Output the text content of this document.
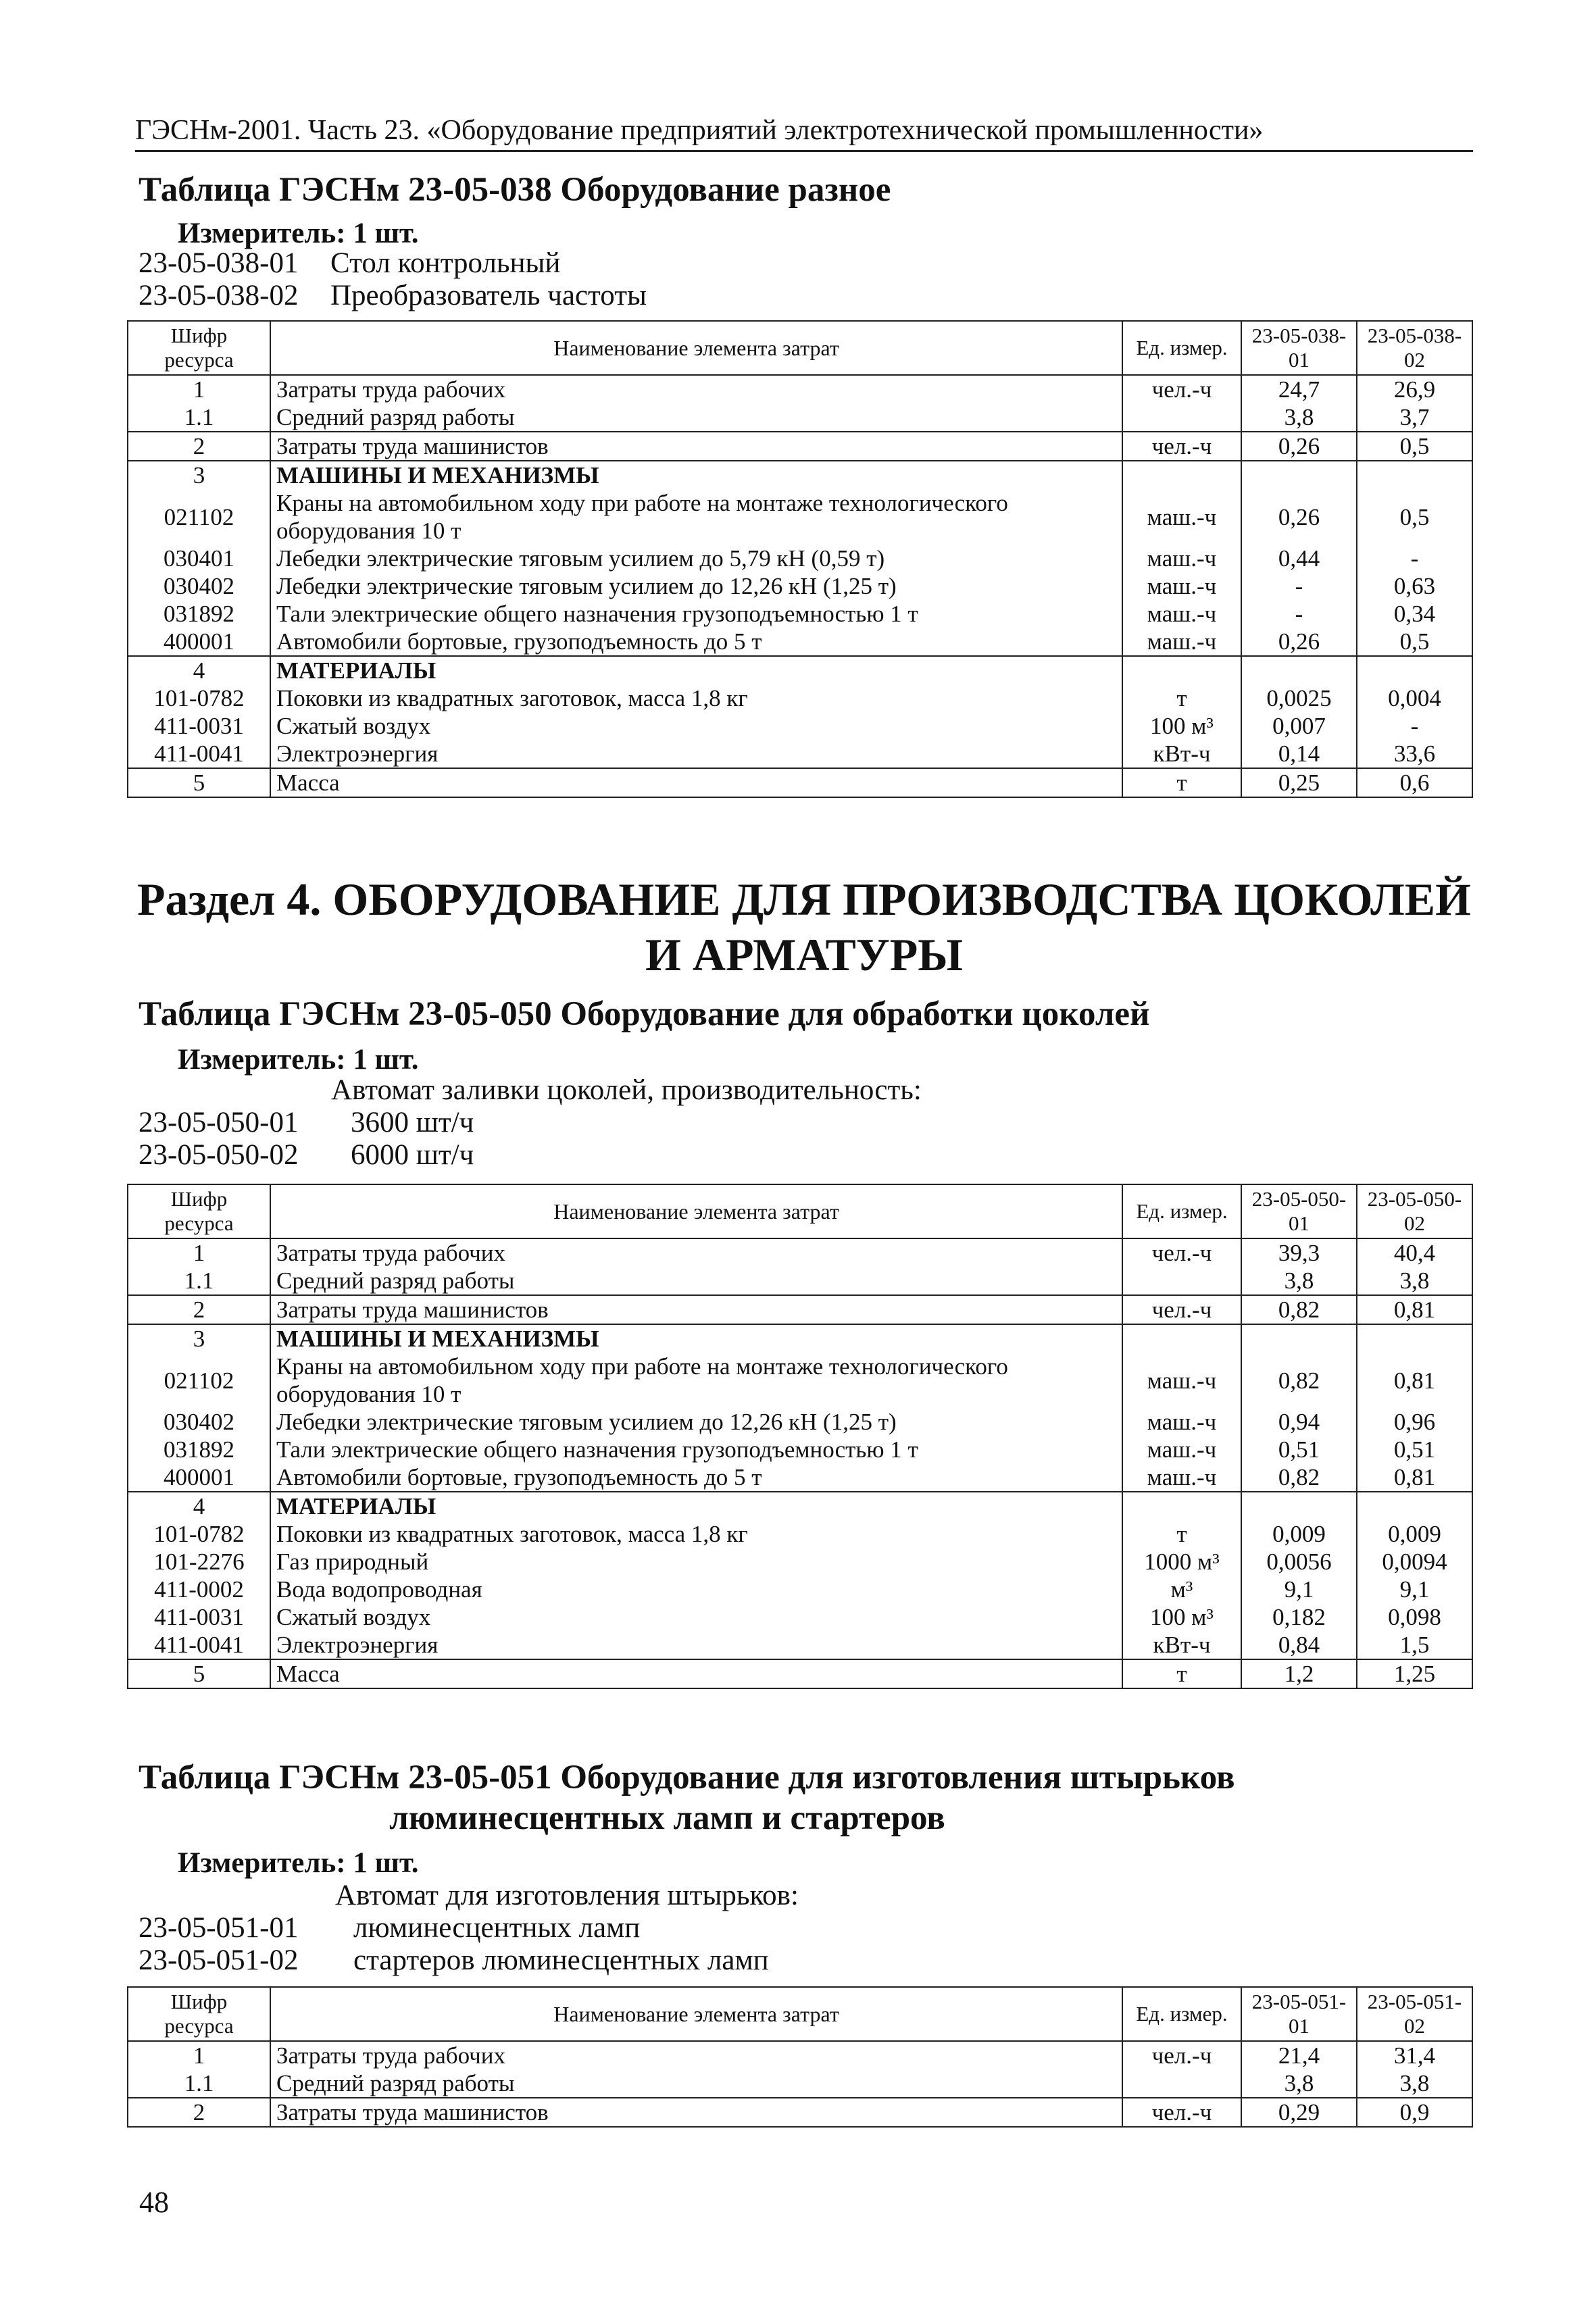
ГЭСНм-2001. Часть 23. «Оборудование предприятий электротехнической промышленности»
Таблица ГЭСНм 23-05-038 Оборудование разное
Измеритель: 1 шт.
23-05-038-01 Стол контрольный
23-05-038-02 Преобразователь частоты
Шифр ресурса	Наименование элемента затрат	Ед. измер.	23-05-038-01	23-05-038-02
1	Затраты труда рабочих	чел.-ч	24,7	26,9
1.1	Средний разряд работы		3,8	3,7
2	Затраты труда машинистов	чел.-ч	0,26	0,5
3	МАШИНЫ И МЕХАНИЗМЫ			
021102	Краны на автомобильном ходу при работе на монтаже технологического оборудования 10 т	маш.-ч	0,26	0,5
030401	Лебедки электрические тяговым усилием до 5,79 кН (0,59 т)	маш.-ч	0,44	-
030402	Лебедки электрические тяговым усилием до 12,26 кН (1,25 т)	маш.-ч	-	0,63
031892	Тали электрические общего назначения грузоподъемностью 1 т	маш.-ч	-	0,34
400001	Автомобили бортовые, грузоподъемность до 5 т	маш.-ч	0,26	0,5
4	МАТЕРИАЛЫ			
101-0782	Поковки из квадратных заготовок, масса 1,8 кг	т	0,0025	0,004
411-0031	Сжатый воздух	100 м³	0,007	-
411-0041	Электроэнергия	кВт-ч	0,14	33,6
5	Масса	т	0,25	0,6
Раздел 4. ОБОРУДОВАНИЕ ДЛЯ ПРОИЗВОДСТВА ЦОКОЛЕЙ И АРМАТУРЫ
Таблица ГЭСНм 23-05-050 Оборудование для обработки цоколей
Измеритель: 1 шт.
Автомат заливки цоколей, производительность:
23-05-050-01 3600 шт/ч
23-05-050-02 6000 шт/ч
Шифр ресурса	Наименование элемента затрат	Ед. измер.	23-05-050-01	23-05-050-02
1	Затраты труда рабочих	чел.-ч	39,3	40,4
1.1	Средний разряд работы		3,8	3,8
2	Затраты труда машинистов	чел.-ч	0,82	0,81
3	МАШИНЫ И МЕХАНИЗМЫ			
021102	Краны на автомобильном ходу при работе на монтаже технологического оборудования 10 т	маш.-ч	0,82	0,81
030402	Лебедки электрические тяговым усилием до 12,26 кН (1,25 т)	маш.-ч	0,94	0,96
031892	Тали электрические общего назначения грузоподъемностью 1 т	маш.-ч	0,51	0,51
400001	Автомобили бортовые, грузоподъемность до 5 т	маш.-ч	0,82	0,81
4	МАТЕРИАЛЫ			
101-0782	Поковки из квадратных заготовок, масса 1,8 кг	т	0,009	0,009
101-2276	Газ природный	1000 м³	0,0056	0,0094
411-0002	Вода водопроводная	м³	9,1	9,1
411-0031	Сжатый воздух	100 м³	0,182	0,098
411-0041	Электроэнергия	кВт-ч	0,84	1,5
5	Масса	т	1,2	1,25
Таблица ГЭСНм 23-05-051 Оборудование для изготовления штырьков
люминесцентных ламп и стартеров
Измеритель: 1 шт.
Автомат для изготовления штырьков:
23-05-051-01 люминесцентных ламп
23-05-051-02 стартеров люминесцентных ламп
Шифр ресурса	Наименование элемента затрат	Ед. измер.	23-05-051-01	23-05-051-02
1	Затраты труда рабочих	чел.-ч	21,4	31,4
1.1	Средний разряд работы		3,8	3,8
2	Затраты труда машинистов	чел.-ч	0,29	0,9
48
